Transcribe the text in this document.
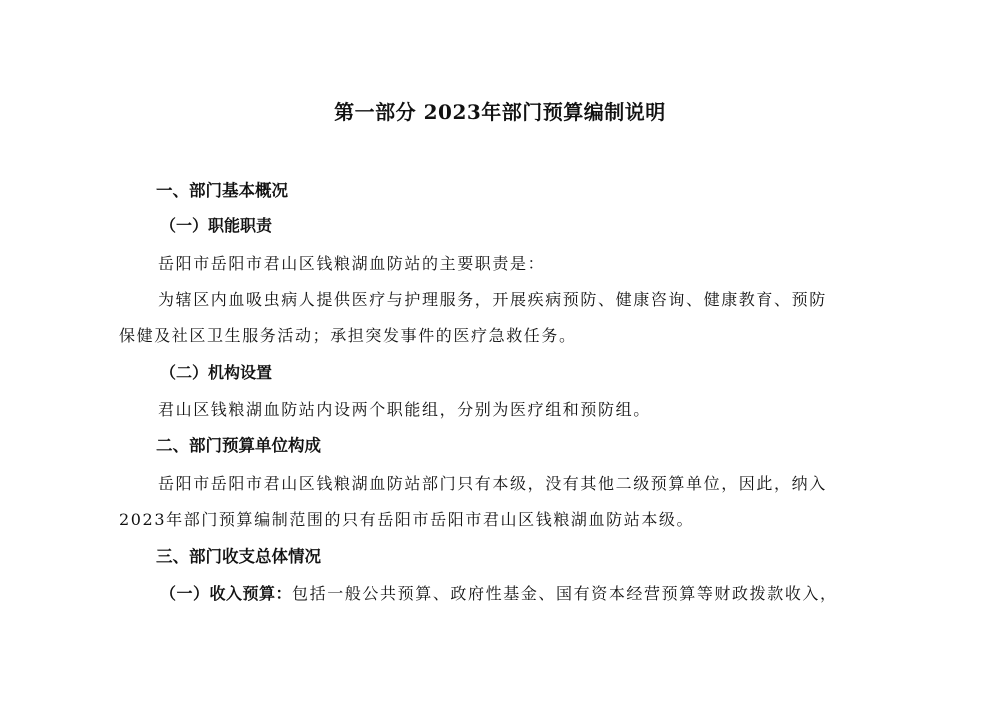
第一部分 2023年部门预算编制说明
一、部门基本概况
（一）职能职责
岳阳市岳阳市君山区钱粮湖血防站的主要职责是：
为辖区内血吸虫病人提供医疗与护理服务，开展疾病预防、健康咨询、健康教育、预防
保健及社区卫生服务活动；承担突发事件的医疗急救任务。
（二）机构设置
君山区钱粮湖血防站内设两个职能组，分别为医疗组和预防组。
二、部门预算单位构成
岳阳市岳阳市君山区钱粮湖血防站部门只有本级，没有其他二级预算单位，因此，纳入
2023年部门预算编制范围的只有岳阳市岳阳市君山区钱粮湖血防站本级。
三、部门收支总体情况
（一）收入预算：包括一般公共预算、政府性基金、国有资本经营预算等财政拨款收入，
